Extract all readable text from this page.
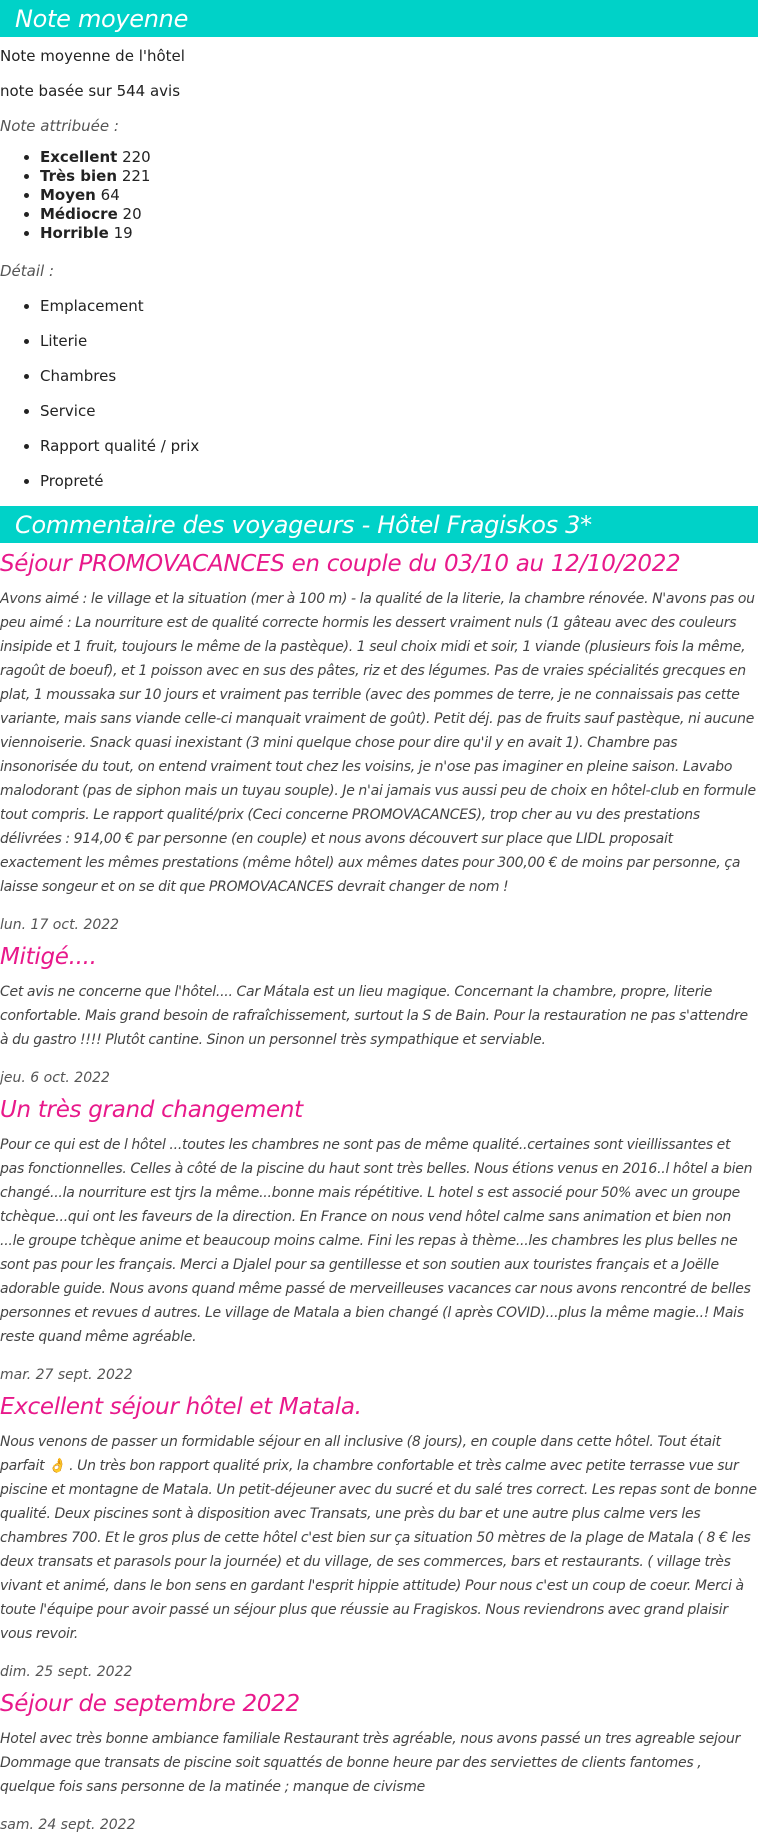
Note moyenne

Note moyenne de l'hôtel

note basée sur 544 avis

Note attribuée :
• Excellent 220
• Très bien 221
• Moyen 64
• Médiocre 20
• Horrible 19
Détail :
• Emplacement
• Literie
• Chambres
• Service
• Rapport qualité / prix
• Propreté
Commentaire des voyageurs - Hôtel Fragiskos 3*
Séjour PROMOVACANCES en couple du 03/10 au 12/10/2022

Avons aimé : le village et la situation (mer à 100 m) - la qualité de la literie, la chambre rénovée. N'avons pas ou peu aimé : La nourriture est de qualité correcte hormis les dessert vraiment nuls (1 gâteau avec des couleurs insipide et 1 fruit, toujours le même de la pastèque). 1 seul choix midi et soir, 1 viande (plusieurs fois la même, ragoût de boeuf), et 1 poisson avec en sus des pâtes, riz et des légumes. Pas de vraies spécialités grecques en plat, 1 moussaka sur 10 jours et vraiment pas terrible (avec des pommes de terre, je ne connaissais pas cette variante, mais sans viande celle-ci manquait vraiment de goût). Petit déj. pas de fruits sauf pastèque, ni aucune viennoiserie. Snack quasi inexistant (3 mini quelque chose pour dire qu'il y en avait 1). Chambre pas insonorisée du tout, on entend vraiment tout chez les voisins, je n'ose pas imaginer en pleine saison. Lavabo malodorant (pas de siphon mais un tuyau souple). Je n'ai jamais vus aussi peu de choix en hôtel-club en formule tout compris. Le rapport qualité/prix (Ceci concerne PROMOVACANCES), trop cher au vu des prestations délivrées : 914,00 € par personne (en couple) et nous avons découvert sur place que LIDL proposait exactement les mêmes prestations (même hôtel) aux mêmes dates pour 300,00 € de moins par personne, ça laisse songeur et on se dit que PROMOVACANCES devrait changer de nom !

lun. 17 oct. 2022

Mitigé....

Cet avis ne concerne que l'hôtel.... Car Mátala est un lieu magique. Concernant la chambre, propre, literie confortable. Mais grand besoin de rafraîchissement, surtout la S de Bain. Pour la restauration ne pas s'attendre à du gastro !!!! Plutôt cantine. Sinon un personnel très sympathique et serviable.

jeu. 6 oct. 2022

Un très grand changement

Pour ce qui est de l hôtel ...toutes les chambres ne sont pas de même qualité..certaines sont vieillissantes et pas fonctionnelles. Celles à côté de la piscine du haut sont très belles. Nous étions venus en 2016..l hôtel a bien changé...la nourriture est tjrs la même...bonne mais répétitive. L hotel s est associé pour 50% avec un groupe tchèque...qui ont les faveurs de la direction. En France on nous vend hôtel calme sans animation et bien non ...le groupe tchèque anime et beaucoup moins calme. Fini les repas à thème...les chambres les plus belles ne sont pas pour les français. Merci a Djalel pour sa gentillesse et son soutien aux touristes français et a Joëlle adorable guide. Nous avons quand même passé de merveilleuses vacances car nous avons rencontré de belles personnes et revues d autres. Le village de Matala a bien changé (l après COVID)...plus la même magie..! Mais reste quand même agréable.

mar. 27 sept. 2022

Excellent séjour hôtel et Matala.

Nous venons de passer un formidable séjour en all inclusive (8 jours), en couple dans cette hôtel. Tout était parfait 👌 . Un très bon rapport qualité prix, la chambre confortable et très calme avec petite terrasse vue sur piscine et montagne de Matala. Un petit-déjeuner avec du sucré et du salé tres correct. Les repas sont de bonne qualité. Deux piscines sont à disposition avec Transats, une près du bar et une autre plus calme vers les chambres 700. Et le gros plus de cette hôtel c'est bien sur ça situation 50 mètres de la plage de Matala ( 8 € les deux transats et parasols pour la journée) et du village, de ses commerces, bars et restaurants. ( village très vivant et animé, dans le bon sens en gardant l'esprit hippie attitude) Pour nous c'est un coup de coeur. Merci à toute l'équipe pour avoir passé un séjour plus que réussie au Fragiskos. Nous reviendrons avec grand plaisir vous revoir.

dim. 25 sept. 2022

Séjour de septembre 2022

Hotel avec très bonne ambiance familiale Restaurant très agréable, nous avons passé un tres agreable sejour Dommage que transats de piscine soit squattés de bonne heure par des serviettes de clients fantomes , quelque fois sans personne de la matinée ; manque de civisme

sam. 24 sept. 2022
